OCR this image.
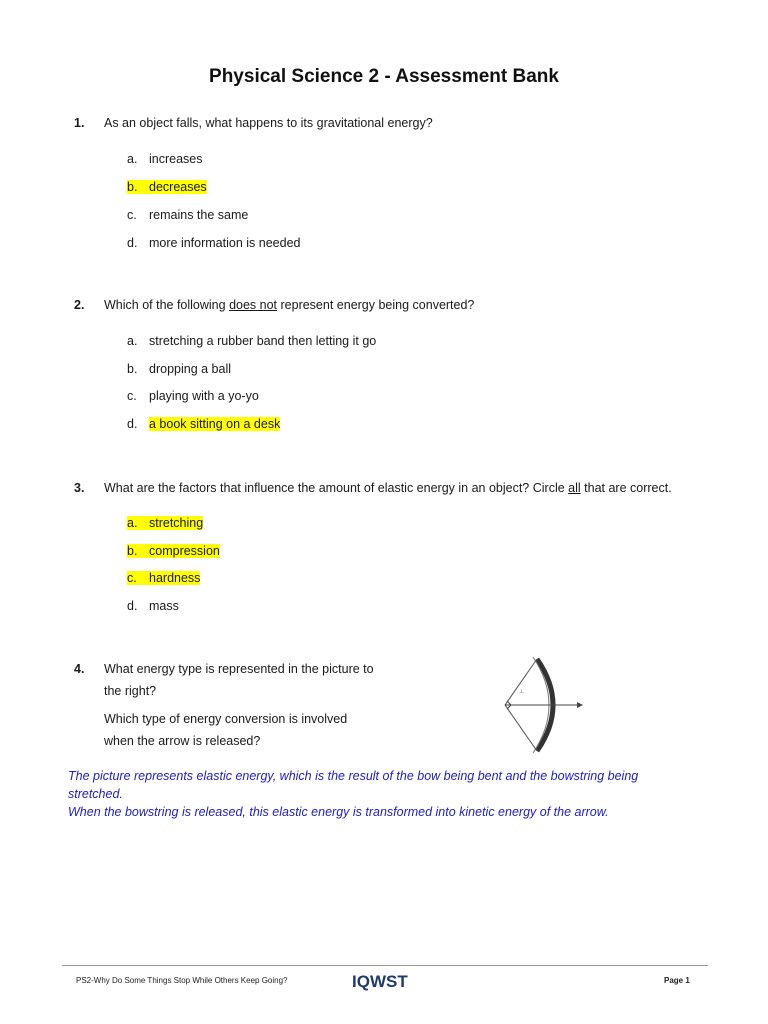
Physical Science 2 - Assessment Bank
1. As an object falls, what happens to its gravitational energy?
a. increases
b. decreases
c. remains the same
d. more information is needed
2. Which of the following does not represent energy being converted?
a. stretching a rubber band then letting it go
b. dropping a ball
c. playing with a yo-yo
d. a book sitting on a desk
3. What are the factors that influence the amount of elastic energy in an object? Circle all that are correct.
a. stretching
b. compression
c. hardness
d. mass
4. What energy type is represented in the picture to
the right?
Which type of energy conversion is involved
when the arrow is released?
⊥
The picture represents elastic energy, which is the result of the bow being bent and the bowstring being
stretched.
When the bowstring is released, this elastic energy is transformed into kinetic energy of the arrow.
PS2-Why Do Some Things Stop While Others Keep Going?	IQWST	Page 1
